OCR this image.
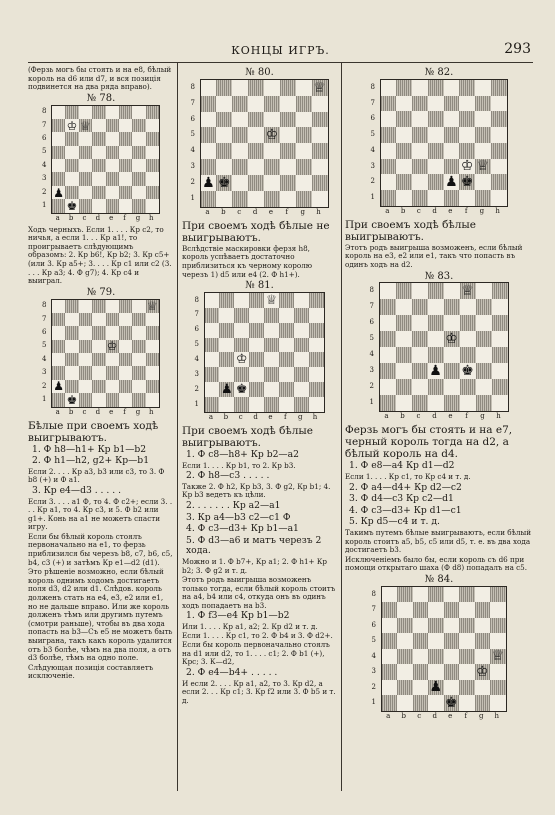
КОНЦЫ ИГРЪ.	293

(Ферзь могъ бы стоять и на e8, бѣлый король на d6 или d7, и вся позиція подвинется на два ряда вправо).

№ 78.
8
7
6
5
4
3
2
1
♔ ♕
♟
♚
a	b	c	d	e	f	g	h

Ходъ черныхъ. Если 1. . . . Кр c2, то ничья, а если 1. . . Кр a1!, то проигрываетъ слѣдующимъ образомъ: 2. Кр b6!, Кр b2; 3. Кр c5+ (или 3. Кр a5+; 3. . . . Кр c1 или c2 (3. . . . Кр a3; 4. Ф g7); 4. Кр c4 и выиграл.

№ 79.
8
7
6
5
4
3
2
1
♕
♔
♟
♚
a	b	c	d	e	f	g	h

Бѣлые при своемъ ходѣ выигрываютъ.

1. Ф h8—h1+ Кр b1—b2

2. Ф h1—h2, g2+ Кр—b1

Если 2. . . . Кр a3, b3 или c3, то 3. Ф b8 (+) и Ф a1.

3. Кр e4—d3 . . . . .

Если 3. . . . a1 Ф, то 4. Ф c2+; если 3. . . . Кр a1, то 4. Кр c3, и 5. Ф b2 или g1+. Конь на a1 не можетъ спасти игру.

Если бы бѣлый король стоялъ первоначально на e1, то ферзь приблизился бы черезъ b8, c7, b6, c5, b4, c3 (+) и затѣмъ Кр e1—d2 (d1).

Это рѣшеніе возможно, если бѣлый король однимъ ходомъ достигаетъ поля d3, d2 или d1. Слѣдов. король долженъ стать на e4, e3, e2 или e1, но не дальше вправо. Или же король долженъ тѣмъ или другимъ путемъ (смотри раньше), чтобы въ два хода попасть на b3—Съ e5 не можетъ быть выиграна, такъ какъ король удалится отъ b3 болѣе, чѣмъ на два поля, а отъ d3 болѣе, тѣмъ на одно поле.

Слѣдующая позиція составляетъ исключеніе.

№ 80.
8
7
6
5
4
3
2
1
♕
♔
♟ ♚
a	b	c	d	e	f	g	h

При своемъ ходѣ бѣлые не выигрываютъ.

Вслѣдствіе маскировки ферзя h8, король успѣваетъ достаточно приблизиться къ черному королю черезъ 1) d5 или e4 (2. Ф h1+).

№ 81.
8
7
6
5
4
3
2
1
♕
♔
♟ ♚
a	b	c	d	e	f	g	h

При своемъ ходѣ бѣлые выигрываютъ.

1. Ф c8—h8+ Кр b2—a2

Если 1. . . . Кр b1, то 2. Кр b3.

2. Ф h8—c3 . . . . .

Также 2. Ф h2, Кр b3, 3. Ф g2, Кр b1; 4. Кр b3 ведетъ къ цѣли.

2. . . . . . . Кр a2—a1

3. Кр a4—b3 c2—c1 Ф

4. Ф c3—d3+ Кр b1—a1

5. Ф d3—a6 и матъ черезъ 2 хода.

Можно и 1. Ф b7+, Кр a1; 2. Ф h1+ Кр b2; 3. Ф g2 и т. д.

Этотъ родъ выигрыша возможенъ только тогда, если бѣлый король стоитъ на a4, b4 или c4, откуда онъ въ одинъ ходъ попадаетъ на b3.

1. Ф f3—e4 Кр b1—b2

Или 1. . . . Кр a1, a2; 2. Кр d2 и т. д. Если 1. . . . Кр c1, то 2. Ф b4 и 3. Ф d2+.

Если бы король первоначально стоялъ на d1 или d2, то 1. . . . c1; 2. Ф b1 (+), Крс; 3. К—d2,

2. Ф e4—b4+ . . . . .

И если 2. . . . Кр a1, a2, то 3. Кр d2, а если 2. . . Кр c1; 3. Кр f2 или 3. Ф b5 и т. д.

№ 82.
8
7
6
5
4
3
2
1
♔ ♕
♟ ♚
a	b	c	d	e	f	g	h

При своемъ ходѣ бѣлые выигрываютъ.

Этотъ родъ выигрыша возможенъ, если бѣлый король на e3, e2 или e1, такъ что попасть въ одинъ ходъ на d2.

№ 83.
8
7
6
5
4
3
2
1
♕
♔
♟ ♚
a	b	c	d	e	f	g	h

Ферзь могъ бы стоять и на e7, черный король тогда на d2, а бѣлый король на d4.

1. Ф e8—a4 Кр d1—d2

Если 1. . . . Кр c1, то Кр c4 и т. д.

2. Ф a4—d4+ Кр d2—c2

3. Ф d4—c3 Кр c2—d1

4. Ф c3—d3+ Кр d1—c1

5. Кр d5—c4 и т. д.

Такимъ путемъ бѣлые выигрываютъ, если бѣлый король стоитъ a5, b5, c5 или d5, т. е. въ два хода достигаетъ b3.

Исключеніемъ было бы, если король съ d6 при помощи открытаго шаха (Ф d8) попадалъ на c5.

№ 84.
8
7
6
5
4
3
2
1
♕
♔
♟
♚
a	b	c	d	e	f	g	h
